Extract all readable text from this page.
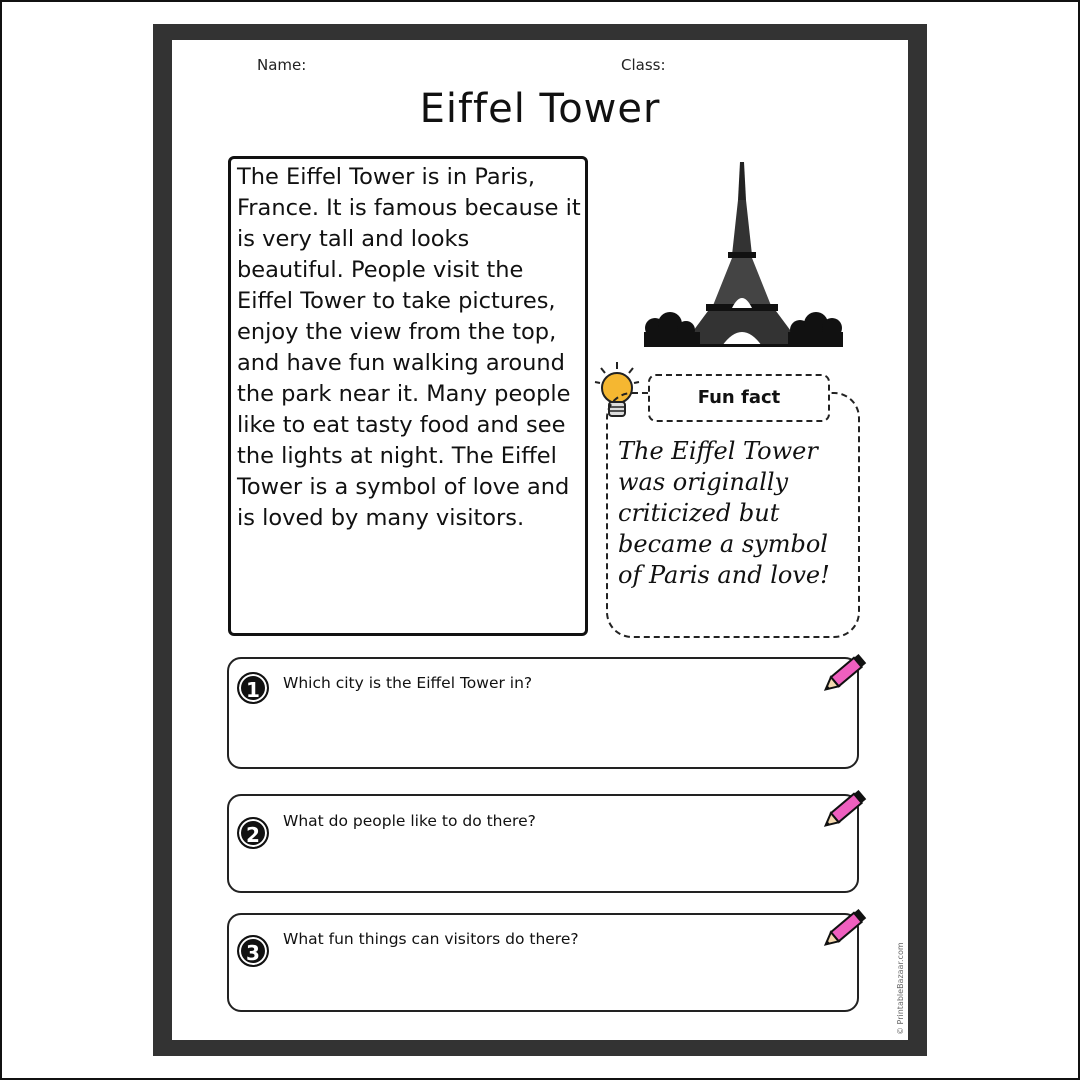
Name:	Class:
Eiffel Tower
The Eiffel Tower is in Paris, France. It is famous because it is very tall and looks beautiful. People visit the Eiffel Tower to take pictures, enjoy the view from the top, and have fun walking around the park near it. Many people like to eat tasty food and see the lights at night. The Eiffel Tower is a symbol of love and is loved by many visitors.
Fun fact
The Eiffel Tower was originally criticized but became a symbol of Paris and love!
1	Which city is the Eiffel Tower in?
2
What do people like to do there?
3
What fun things can visitors do there?
© PrintableBazaar.com
